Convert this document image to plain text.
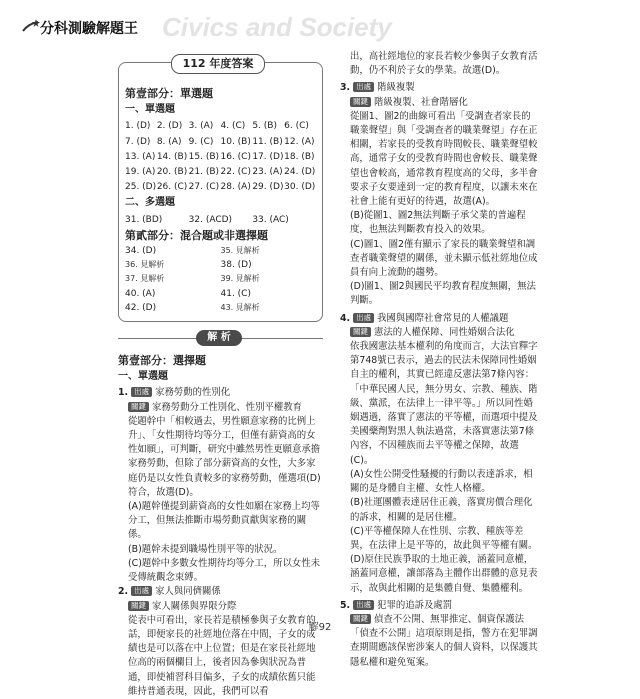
分科測驗解題王 Civics and Society
112 年度答案
第壹部分：單選題
一、單選題
1. (D) 2. (D) 3. (A) 4. (C) 5. (B) 6. (C)
7. (D) 8. (A) 9. (C) 10. (B) 11. (B) 12. (A)
13. (A) 14. (B) 15. (B) 16. (C) 17. (D) 18. (B)
19. (A) 20. (B) 21. (B) 22. (C) 23. (A) 24. (D)
25. (D) 26. (C) 27. (C) 28. (A) 29. (D) 30. (D)
二、多選題
31. (BD)	32. (ACD)	33. (AC)
第貳部分：混合題或非選擇題
34. (D)	35. 見解析
36. 見解析	38. (D)
37. 見解析	39. 見解析
40. (A)	41. (C)
42. (D)	43. 見解析
解 析
第壹部分：選擇題
一、單選題
1. 出處 家務勞動的性別化
關鍵 家務勞動分工性別化、性別平權教育
從題幹中「相較過去，男性願意家務的比例上升」、「女性期待均等分工，但僅有薪資高的女性如願」，可判斷，研究中雖然男性更願意承擔家務勞動，但除了部分薪資高的女性，大多家庭仍是以女性負責較多的家務勞動，僅選項(D)符合，故選(D)。
(A)題幹僅提到薪資高的女性如願在家務上均等分工，但無法推斷市場勞動貢獻與家務的關係。
(B)題幹未提到職場性別平等的狀況。
(C)題幹中多數女性期待均等分工，所以女性未受傳統觀念束縛。
2. 出處 家人與同儕關係
關鍵 家人關係與界限分際
從表中可看出，家長若是積極參與子女教育的話，即便家長的社經地位落在中間，子女的成績也是可以落在中上位置；但是在家長社經地位高的兩個欄目上，後者因為參與狀況為普通，即使補習科目偏多，子女的成績依舊只能維持普通表現，因此，我們可以看
出，高社經地位的家長若較少參與子女教育活動，仍不利於子女的學業。故選(D)。
3. 出處 階級複製
關鍵 階級複製、社會階層化
從圖1、圖2的曲線可看出「受調查者家長的職業聲望」與「受調查者的職業聲望」存在正相關，若家長的受教育時間較長、職業聲望較高，通常子女的受教育時間也會較長、職業聲望也會較高，通常教育程度高的父母，多半會要求子女要達到一定的教育程度，以讓未來在社會上能有更好的待遇，故選(A)。
(B)從圖1、圖2無法判斷子承父業的普遍程度，也無法判斷教育投入的效果。
(C)圖1、圖2僅有顯示了家長的職業聲望和調查者職業聲望的關係，並未顯示低社經地位成員有向上流動的趨勢。
(D)圖1、圖2與國民平均教育程度無關，無法判斷。
4. 出處 我國與國際社會常見的人權議題
關鍵 憲法的人權保障、同性婚姻合法化
依我國憲法基本權利的角度而言，大法官釋字第748號已表示，過去的民法未保障同性婚姻自主的權利，其實已經違反憲法第7條內容：「中華民國人民，無分男女、宗教、種族、階級、黨派，在法律上一律平等。」所以同性婚姻遇過，落實了憲法的平等權，而選項中提及美國藥劑對黑人執法過當，未落實憲法第7條內容，不因種族而去平等權之保障，故選(C)。
(A)女性公開受性騷擾的行動以表達訴求，相關的是身體自主權、女性人格權。
(B)社運團體表達居住正義，落實房價合理化的訴求，相關的是居住權。
(C)平等權保障人在性別、宗教、種族等差異，在法律上是平等的，故此與平等權有關。
(D)原住民族爭取的土地正義，涵蓋同意權，涵蓋同意權，讓部落為主體作出群體的意見表示，故與此相關的是集體自覺、集體權利。
5. 出處 犯罪的追訴及處罰
關鍵 偵查不公開、無罪推定、個資保護法
「偵查不公開」這項原則是指，警方在犯罪調查期間應該保密涉案人的個人資料，以保護其隱私權和避免冤案。
解92
